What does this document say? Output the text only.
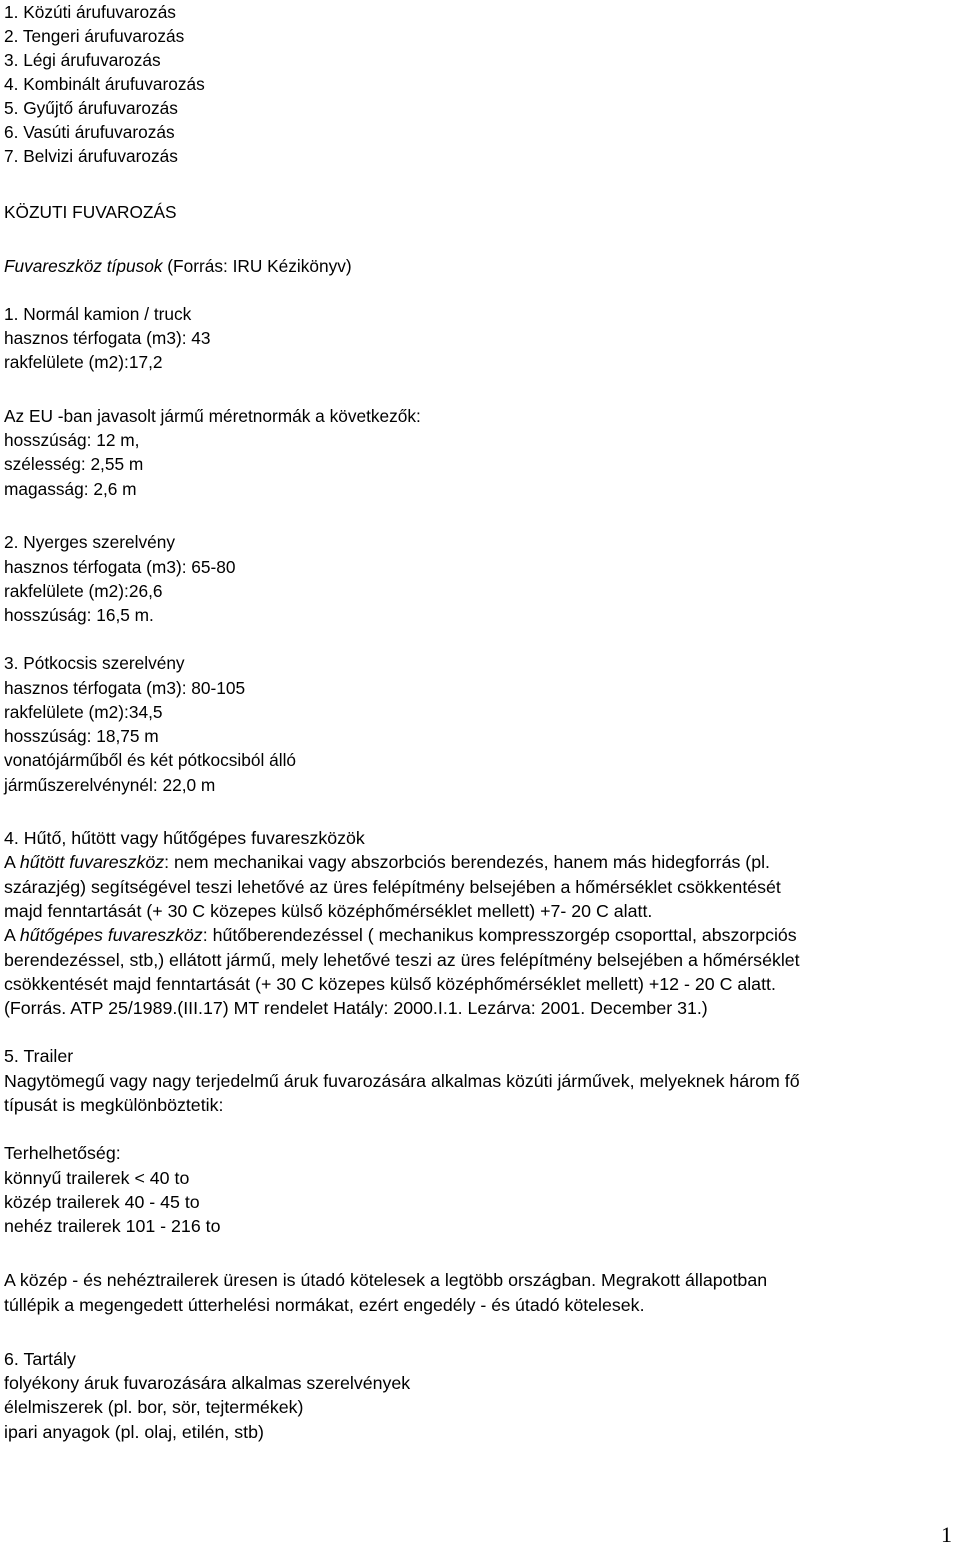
1. Közúti árufuvarozás
2. Tengeri árufuvarozás
3. Légi árufuvarozás
4. Kombinált árufuvarozás
5. Gyűjtő árufuvarozás
6. Vasúti árufuvarozás
7. Belvizi árufuvarozás
KÖZUTI FUVAROZÁS
Fuvareszköz típusok (Forrás: IRU Kézikönyv)
1. Normál kamion / truck
hasznos térfogata (m3): 43
rakfelülete (m2):17,2
Az EU -ban javasolt jármű méretnormák a következők:
hosszúság: 12 m,
szélesség: 2,55 m
magasság: 2,6 m
2. Nyerges szerelvény
hasznos térfogata (m3): 65-80
rakfelülete (m2):26,6
hosszúság: 16,5 m.
3. Pótkocsis szerelvény
hasznos térfogata (m3): 80-105
rakfelülete (m2):34,5
hosszúság: 18,75 m
vonatójárműből és két pótkocsiból álló
járműszerelvénynél: 22,0 m
4. Hűtő, hűtött vagy hűtőgépes fuvareszközök
A hűtött fuvareszköz: nem mechanikai vagy abszorbciós berendezés, hanem más hidegforrás (pl.
szárazjég) segítségével teszi lehetővé az üres felépítmény belsejében a hőmérséklet csökkentését
majd fenntartását (+ 30 C közepes külső középhőmérséklet mellett) +7- 20 C alatt.
A hűtőgépes fuvareszköz: hűtőberendezéssel ( mechanikus kompresszorgép csoporttal, abszorpciós
berendezéssel, stb,) ellátott jármű, mely lehetővé teszi az üres felépítmény belsejében a hőmérséklet
csökkentését majd fenntartását (+ 30 C közepes külső középhőmérséklet mellett) +12 - 20 C alatt.
(Forrás. ATP 25/1989.(III.17) MT rendelet Hatály: 2000.I.1. Lezárva: 2001. December 31.)
5. Trailer
Nagytömegű vagy nagy terjedelmű áruk fuvarozására alkalmas közúti járművek, melyeknek három fő
típusát is megkülönböztetik:
Terhelhetőség:
könnyű trailerek < 40 to
közép trailerek 40 - 45 to
nehéz trailerek 101 - 216 to
A közép - és nehéztrailerek üresen is útadó kötelesek a legtöbb országban. Megrakott állapotban
túllépik a megengedett útterhelési normákat, ezért engedély - és útadó kötelesek.
6. Tartály
folyékony áruk fuvarozására alkalmas szerelvények
élelmiszerek (pl. bor, sör, tejtermékek)
ipari anyagok (pl. olaj, etilén, stb)
1
